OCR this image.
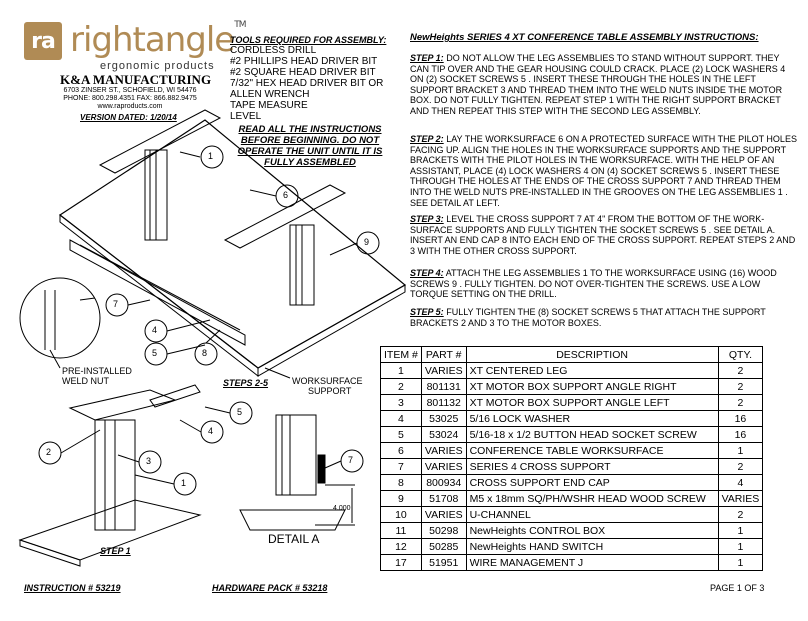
1
6
9
7
4
5	8
5
4
2
3
1
7
ra rightangle™
ergonomic products
K&A MANUFACTURING
6703 ZINSER ST., SCHOFIELD, WI 54476
PHONE: 800.298.4351 FAX: 866.882.9475
www.raproducts.com
VERSION DATED: 1/20/14
TOOLS REQUIRED FOR ASSEMBLY:
CORDLESS DRILL
#2 PHILLIPS HEAD DRIVER BIT
#2 SQUARE HEAD DRIVER BIT
7/32" HEX HEAD DRIVER BIT OR
ALLEN WRENCH
TAPE MEASURE
LEVEL
READ ALL THE INSTRUCTIONS BEFORE BEGINNING. DO NOT OPERATE THE UNIT UNTIL IT IS FULLY ASSEMBLED
NewHeights SERIES 4 XT CONFERENCE TABLE ASSEMBLY INSTRUCTIONS:
STEP 1: DO NOT ALLOW THE LEG ASSEMBLIES TO STAND WITHOUT SUPPORT. THEY CAN TIP OVER AND THE GEAR HOUSING COULD CRACK. PLACE (2) LOCK WASHERS 4 ON (2) SOCKET SCREWS 5 . INSERT THESE THROUGH THE HOLES IN THE LEFT SUPPORT BRACKET 3 AND THREAD THEM INTO THE WELD NUTS INSIDE THE MOTOR BOX. DO NOT FULLY TIGHTEN. REPEAT STEP 1 WITH THE RIGHT SUPPORT BRACKET AND THEN REPEAT THIS STEP WITH THE SECOND LEG ASSEMBLY.
STEP 2: LAY THE WORKSURFACE 6 ON A PROTECTED SURFACE WITH THE PILOT HOLES FACING UP. ALIGN THE HOLES IN THE WORKSURFACE SUPPORTS AND THE SUPPORT BRACKETS WITH THE PILOT HOLES IN THE WORKSURFACE. WITH THE HELP OF AN ASSISTANT, PLACE (4) LOCK WASHERS 4 ON (4) SOCKET SCREWS 5 . INSERT THESE THROUGH THE HOLES AT THE ENDS OF THE CROSS SUPPORT 7 AND THREAD THEM INTO THE WELD NUTS PRE-INSTALLED IN THE GROOVES ON THE LEG ASSEMBLIES 1 . SEE DETAIL AT LEFT.
STEP 3: LEVEL THE CROSS SUPPORT 7 AT 4" FROM THE BOTTOM OF THE WORK-SURFACE SUPPORTS AND FULLY TIGHTEN THE SOCKET SCREWS 5 . SEE DETAIL A. INSERT AN END CAP 8 INTO EACH END OF THE CROSS SUPPORT. REPEAT STEPS 2 AND 3 WITH THE OTHER CROSS SUPPORT.
STEP 4: ATTACH THE LEG ASSEMBLIES 1 TO THE WORKSURFACE USING (16) WOOD SCREWS 9 . FULLY TIGHTEN. DO NOT OVER-TIGHTEN THE SCREWS. USE A LOW TORQUE SETTING ON THE DRILL.
STEP 5: FULLY TIGHTEN THE (8) SOCKET SCREWS 5 THAT ATTACH THE SUPPORT BRACKETS 2 AND 3 TO THE MOTOR BOXES.
ITEM #	PART #	DESCRIPTION	QTY.
1	VARIES	XT CENTERED LEG	2
2	801131	XT MOTOR BOX SUPPORT ANGLE RIGHT	2
3	801132	XT MOTOR BOX SUPPORT ANGLE LEFT	2
4	53025	5/16 LOCK WASHER	16
5	53024	5/16-18 x 1/2 BUTTON HEAD SOCKET SCREW	16
6	VARIES	CONFERENCE TABLE WORKSURFACE	1
7	VARIES	SERIES 4 CROSS SUPPORT	2
8	800934	CROSS SUPPORT END CAP	4
9	51708	M5 x 18mm SQ/PH/WSHR HEAD WOOD SCREW	VARIES
10	VARIES	U-CHANNEL	2
11	50298	NewHeights CONTROL BOX	1
12	50285	NewHeights HAND SWITCH	1
17	51951	WIRE MANAGEMENT J	1
PRE-INSTALLED
WELD NUT	STEPS 2-5	WORKSURFACE
SUPPORT
STEP 1
DETAIL A
4.000
INSTRUCTION # 53219	HARDWARE PACK # 53218	PAGE 1 OF 3
